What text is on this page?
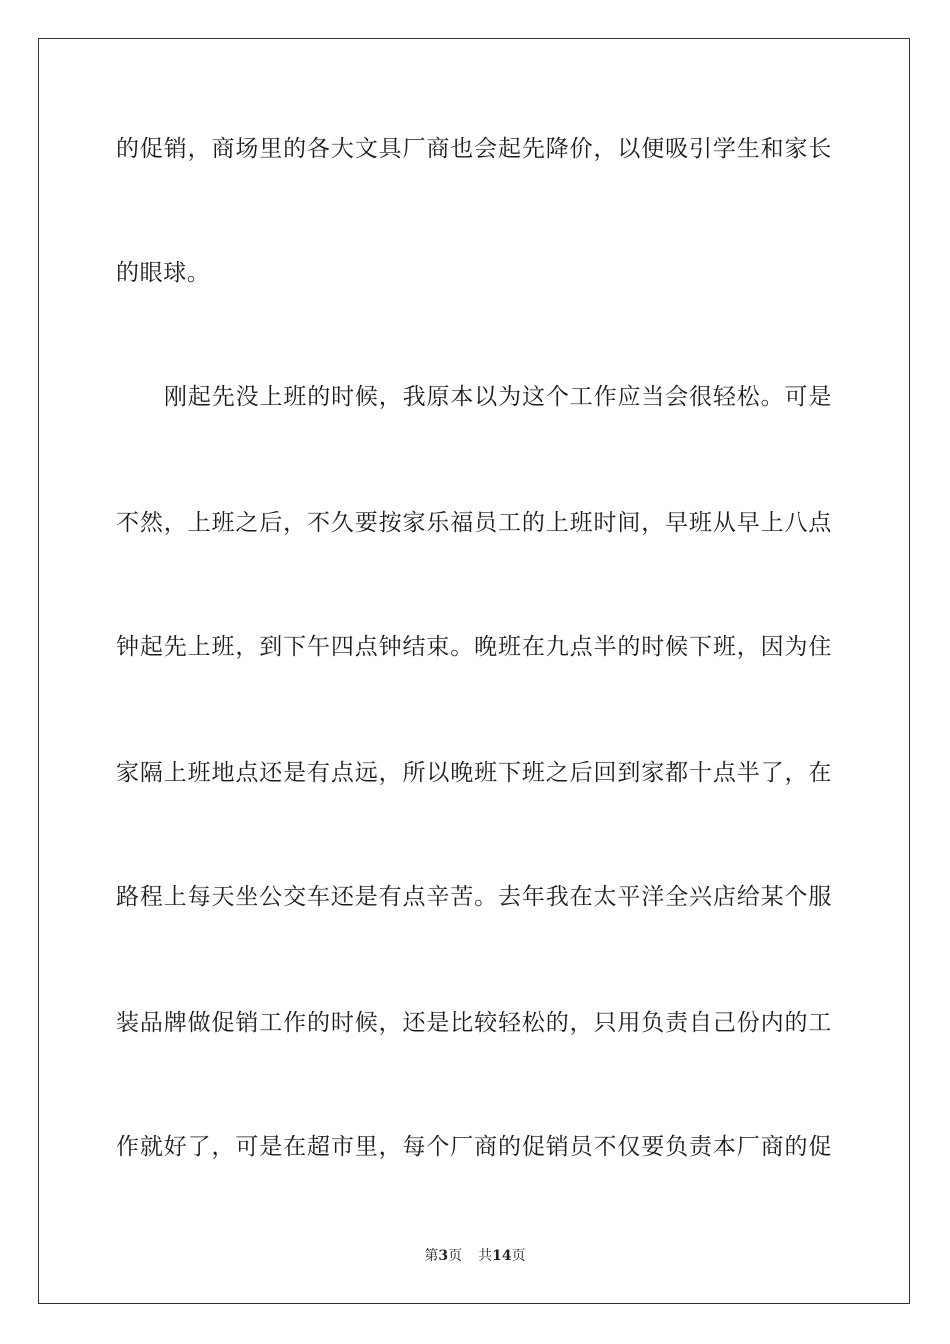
的促销，商场里的各大文具厂商也会起先降价，以便吸引学生和家长
的眼球。
刚起先没上班的时候，我原本以为这个工作应当会很轻松。可是
不然，上班之后，不久要按家乐福员工的上班时间，早班从早上八点
钟起先上班，到下午四点钟结束。晚班在九点半的时候下班，因为住
家隔上班地点还是有点远，所以晚班下班之后回到家都十点半了，在
路程上每天坐公交车还是有点辛苦。去年我在太平洋全兴店给某个服
装品牌做促销工作的时候，还是比较轻松的，只用负责自己份内的工
作就好了，可是在超市里，每个厂商的促销员不仅要负责本厂商的促
第3页 共14页
